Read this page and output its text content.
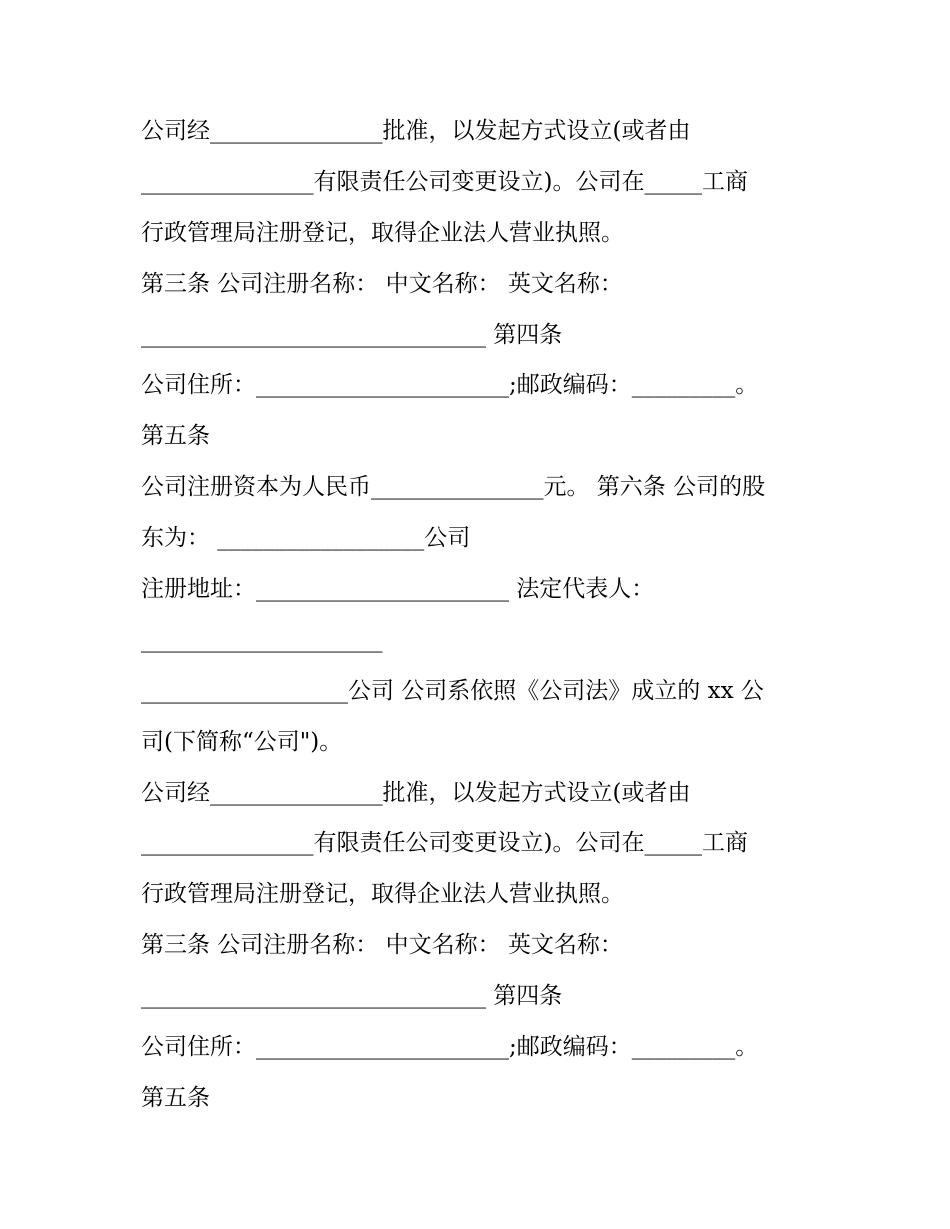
公司经_______________批准，以发起方式设立(或者由
_______________有限责任公司变更设立)。公司在_____工商
行政管理局注册登记，取得企业法人营业执照。
第三条 公司注册名称： 中文名称： 英文名称：
______________________________ 第四条
公司住所：______________________;邮政编码：_________。
第五条
公司注册资本为人民币_______________元。 第六条 公司的股
东为： __________________公司
注册地址：______________________ 法定代表人：
_____________________
__________________公司 公司系依照《公司法》成立的 xx 公
司(下简称“公司")。
公司经_______________批准，以发起方式设立(或者由
_______________有限责任公司变更设立)。公司在_____工商
行政管理局注册登记，取得企业法人营业执照。
第三条 公司注册名称： 中文名称： 英文名称：
______________________________ 第四条
公司住所：______________________;邮政编码：_________。
第五条
